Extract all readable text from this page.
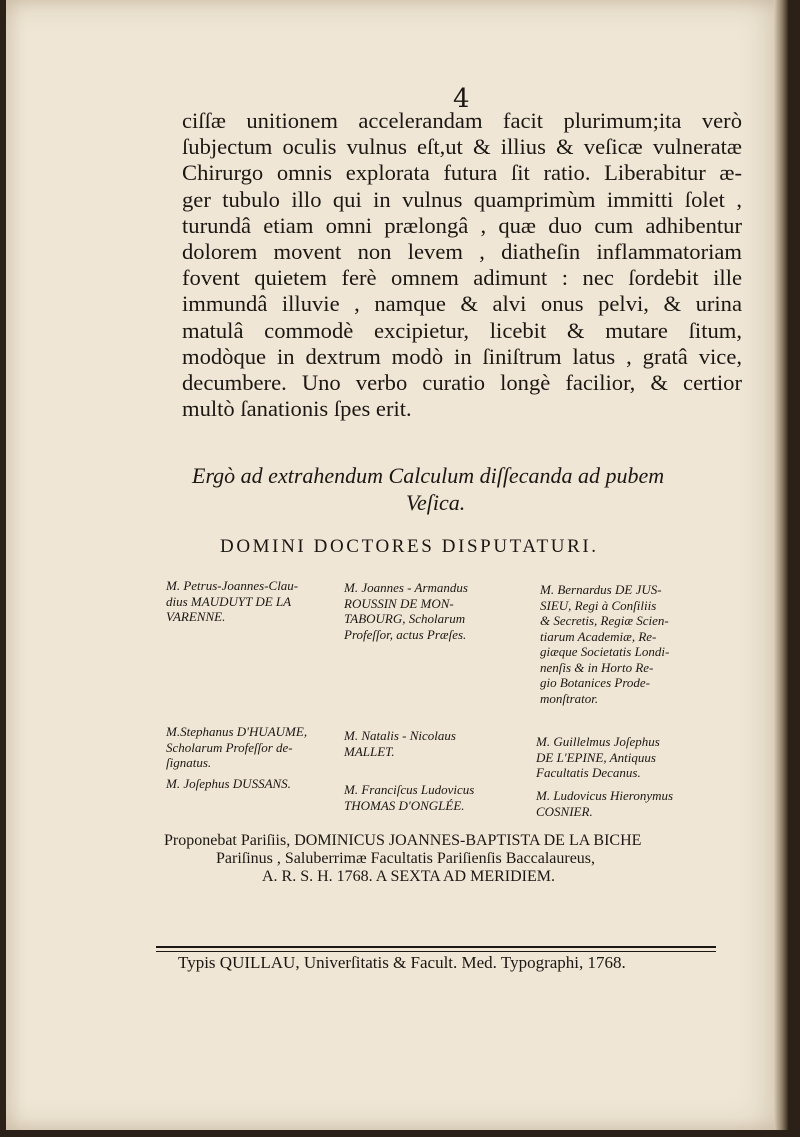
4
ciſſæ unitionem accelerandam facit plurimum;ita verò
ſubjectum oculis vulnus eſt,ut & illius & veſicæ vulneratæ
Chirurgo omnis explorata futura ſit ratio. Liberabitur æ-
ger tubulo illo qui in vulnus quamprimùm immitti ſolet ,
turundâ etiam omni prælongâ , quæ duo cum adhibentur
dolorem movent non levem , diatheſin inflammatoriam
fovent quietem ferè omnem adimunt : nec ſordebit ille
immundâ illuvie , namque & alvi onus pelvi, & urina
matulâ commodè excipietur, licebit & mutare ſitum,
modòque in dextrum modò in ſiniſtrum latus , gratâ vice,
decumbere. Uno verbo curatio longè facilior, & certior
multò ſanationis ſpes erit.
Ergò ad extrahendum Calculum diſſecanda ad pubem
Veſica.
DOMINI DOCTORES DISPUTATURI.
M. Petrus-Joannes-Clau-
dius MAUDUYT DE LA
VARENNE.
M.Stephanus D'HUAUME,
Scholarum Profeſſor de-
ſignatus.
M. Joſephus DUSSANS.
M. Joannes - Armandus
ROUSSIN DE MON-
TABOURG, Scholarum
Profeſſor, actus Præſes.
M. Natalis - Nicolaus
MALLET.
M. Franciſcus Ludovicus
THOMAS D'ONGLÉE.
M. Bernardus DE JUS-
SIEU, Regi à Conſiliis
& Secretis, Regiæ Scien-
tiarum Academiæ, Re-
giæque Societatis Londi-
nenſis & in Horto Re-
gio Botanices Prode-
monſtrator.
M. Guillelmus Joſephus
DE L'EPINE, Antiquus
Facultatis Decanus.
M. Ludovicus Hieronymus
COSNIER.
Proponebat Pariſiis, DOMINICUS JOANNES-BAPTISTA DE LA BICHE
Pariſinus , Saluberrimæ Facultatis Pariſienſis Baccalaureus,
A. R. S. H. 1768. A SEXTA AD MERIDIEM.
Typis QUILLAU, Univerſitatis & Facult. Med. Typographi, 1768.
